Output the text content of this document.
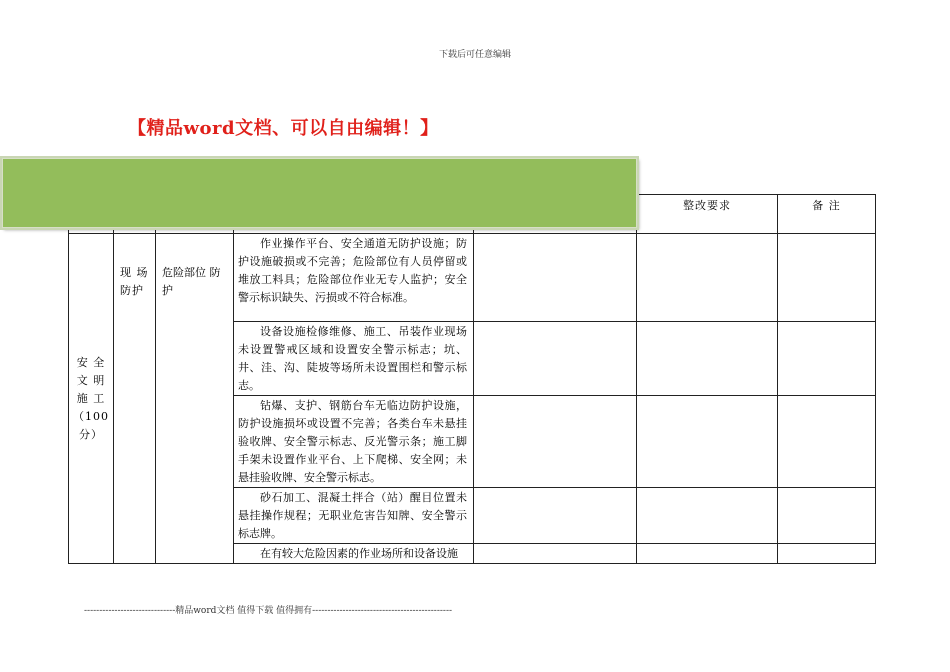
下载后可任意编辑
【精品word文档、可以自由编辑！】
					整改要求	备 注
安 全 文 明 施 工 （100分）	现 场 防护	危险部位 防护	作业操作平台、安全通道无防护设施；防护设施破损或不完善；危险部位有人员停留或堆放工料具；危险部位作业无专人监护；安全警示标识缺失、污损或不符合标准。			
			设备设施检修维修、施工、吊装作业现场未设置警戒区域和设置安全警示标志；坑、井、洼、沟、陡坡等场所未设置围栏和警示标志。			
			钻爆、支护、钢筋台车无临边防护设施，防护设施损坏或设置不完善；各类台车未悬挂验收牌、安全警示标志、反光警示条；施工脚手架未设置作业平台、上下爬梯、安全网；未悬挂验收牌、安全警示标志。			
			砂石加工、混凝土拌合（站）醒目位置未悬挂操作规程；无职业危害告知牌、安全警示标志牌。			
			在有较大危险因素的作业场所和设备设施			
------------------------------精品word文档 值得下载 值得拥有----------------------------------------------
